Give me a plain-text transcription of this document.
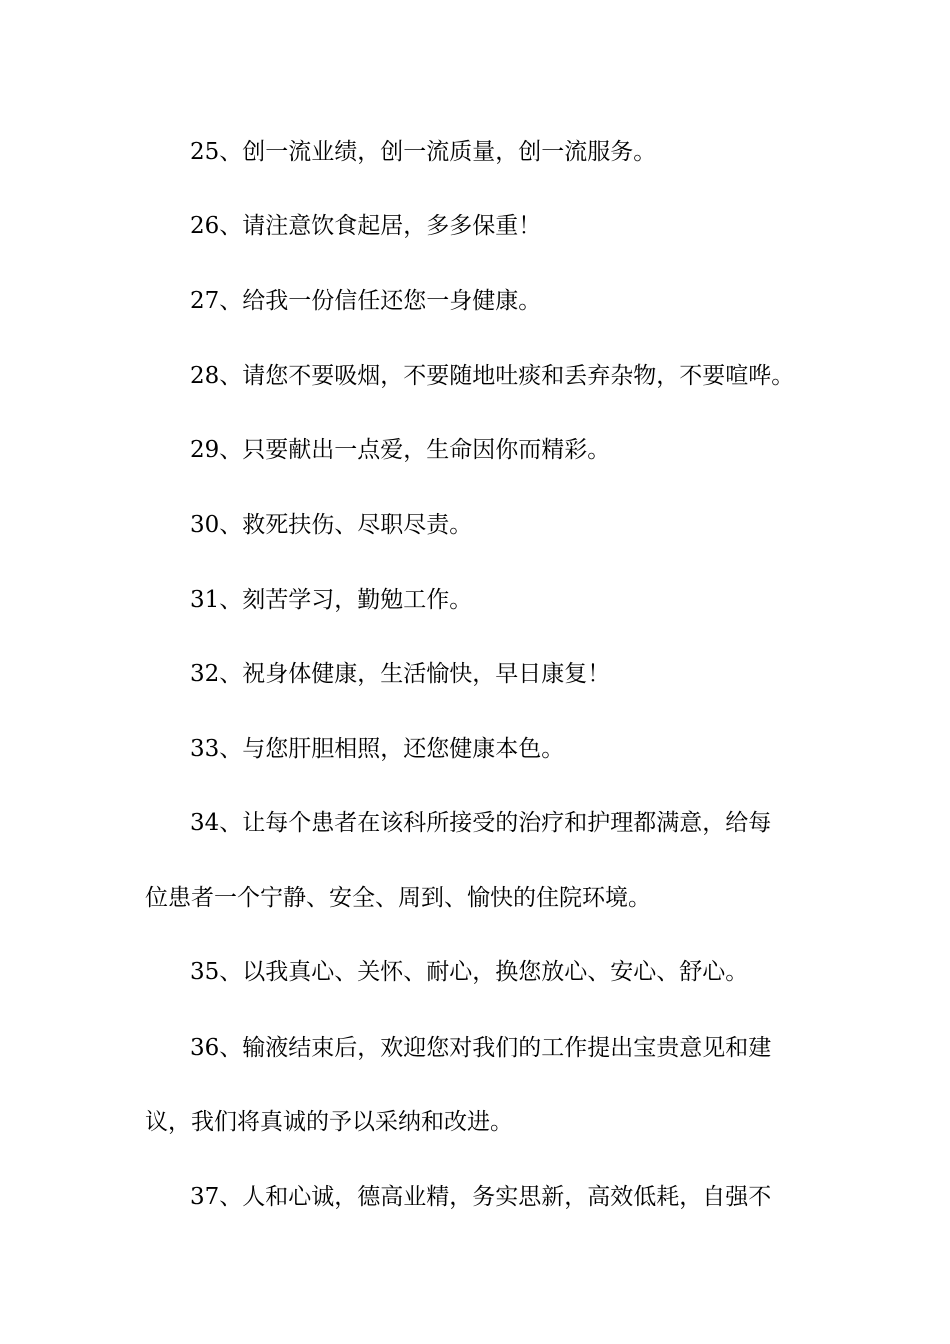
25、创一流业绩，创一流质量，创一流服务。
26、请注意饮食起居，多多保重！
27、给我一份信任还您一身健康。
28、请您不要吸烟，不要随地吐痰和丢弃杂物，不要喧哗。
29、只要献出一点爱，生命因你而精彩。
30、救死扶伤、尽职尽责。
31、刻苦学习，勤勉工作。
32、祝身体健康，生活愉快，早日康复！
33、与您肝胆相照，还您健康本色。
34、让每个患者在该科所接受的治疗和护理都满意，给每
位患者一个宁静、安全、周到、愉快的住院环境。
35、以我真心、关怀、耐心，换您放心、安心、舒心。
36、输液结束后，欢迎您对我们的工作提出宝贵意见和建
议，我们将真诚的予以采纳和改进。
37、人和心诚，德高业精，务实思新，高效低耗，自强不
